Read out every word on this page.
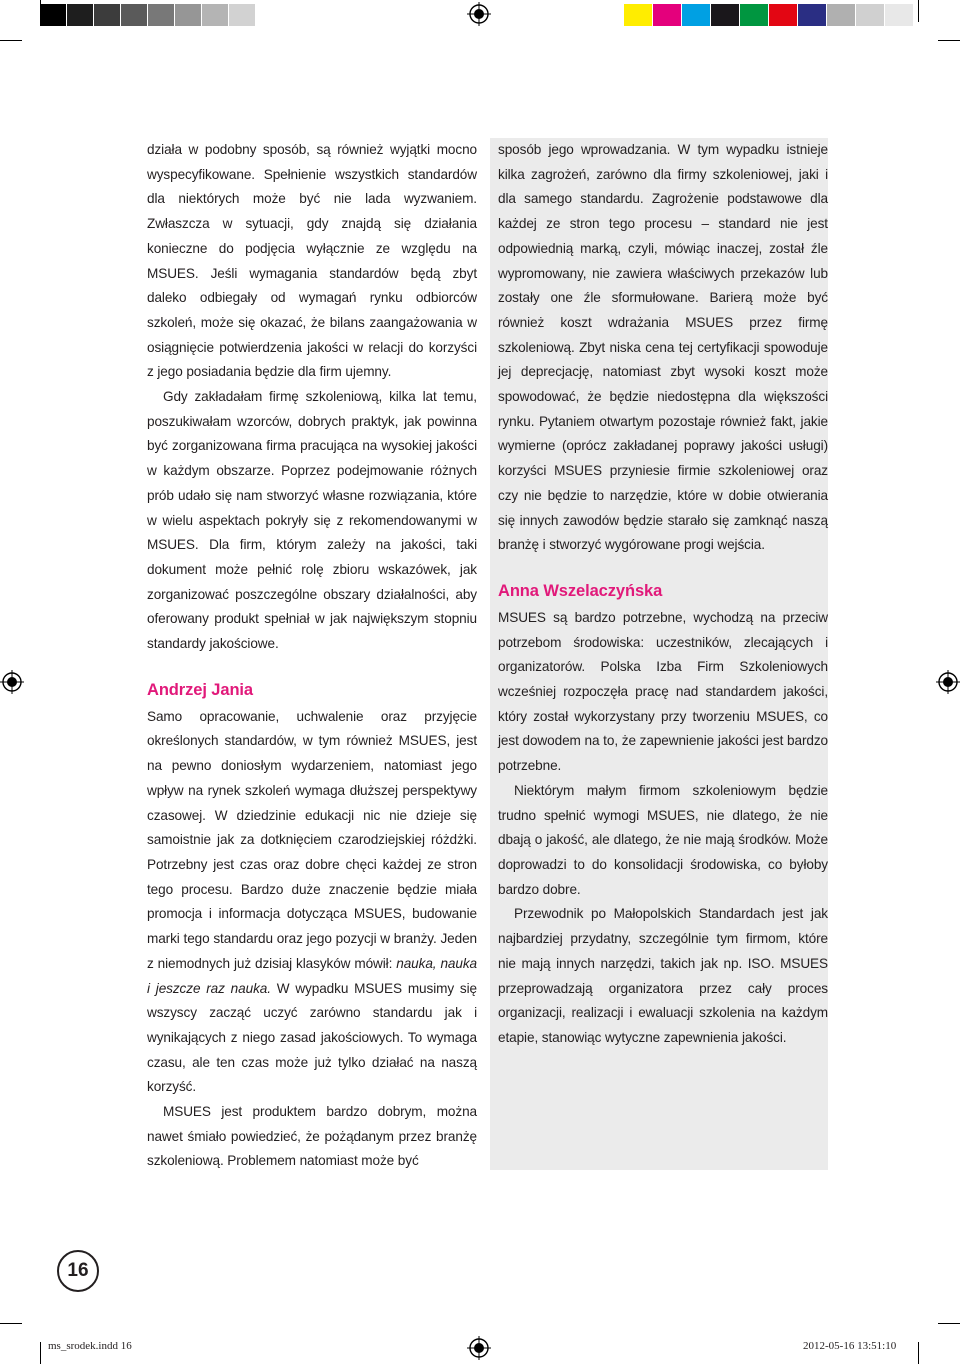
działa w podobny sposób, są również wyjątki mocno wyspecyfikowane. Spełnienie wszystkich standardów dla niektórych może być nie lada wyzwaniem. Zwłaszcza w sytuacji, gdy znajdą się działania konieczne do podjęcia wyłącznie ze względu na MSUES. Jeśli wymagania standardów będą zbyt daleko odbiegały od wymagań rynku odbiorców szkoleń, może się okazać, że bilans zaangażowania w osiągnięcie potwierdzenia jakości w relacji do korzyści z jego posiadania będzie dla firm ujemny.

Gdy zakładałam firmę szkoleniową, kilka lat temu, poszukiwałam wzorców, dobrych praktyk, jak powinna być zorganizowana firma pracująca na wysokiej jakości w każdym obszarze. Poprzez podejmowanie różnych prób udało się nam stworzyć własne rozwiązania, które w wielu aspektach pokryły się z rekomendowanymi w MSUES. Dla firm, którym zależy na jakości, taki dokument może pełnić rolę zbioru wskazówek, jak zorganizować poszczególne obszary działalności, aby oferowany produkt spełniał w jak największym stopniu standardy jakościowe.

Andrzej Jania

Samo opracowanie, uchwalenie oraz przyjęcie określonych standardów, w tym również MSUES, jest na pewno doniosłym wydarzeniem, natomiast jego wpływ na rynek szkoleń wymaga dłuższej perspektywy czasowej. W dziedzinie edukacji nic nie dzieje się samoistnie jak za dotknięciem czarodziejskiej różdżki. Potrzebny jest czas oraz dobre chęci każdej ze stron tego procesu. Bardzo duże znaczenie będzie miała promocja i informacja dotycząca MSUES, budowanie marki tego standardu oraz jego pozycji w branży. Jeden z niemodnych już dzisiaj klasyków mówił: nauka, nauka i jeszcze raz nauka. W wypadku MSUES musimy się wszyscy zacząć uczyć zarówno standardu jak i wynikających z niego zasad jakościowych. To wymaga czasu, ale ten czas może już tylko działać na naszą korzyść.

MSUES jest produktem bardzo dobrym, można nawet śmiało powiedzieć, że pożądanym przez branżę szkoleniową. Problemem natomiast może być

sposób jego wprowadzania. W tym wypadku istnieje kilka zagrożeń, zarówno dla firmy szkoleniowej, jaki i dla samego standardu. Zagrożenie podstawowe dla każdej ze stron tego procesu – standard nie jest odpowiednią marką, czyli, mówiąc inaczej, został źle wypromowany, nie zawiera właściwych przekazów lub zostały one źle sformułowane. Barierą może być również koszt wdrażania MSUES przez firmę szkoleniową. Zbyt niska cena tej certyfikacji spowoduje jej deprecjację, natomiast zbyt wysoki koszt może spowodować, że będzie niedostępna dla większości rynku. Pytaniem otwartym pozostaje również fakt, jakie wymierne (oprócz zakładanej poprawy jakości usługi) korzyści MSUES przyniesie firmie szkoleniowej oraz czy nie będzie to narzędzie, które w dobie otwierania się innych zawodów będzie starało się zamknąć naszą branżę i stworzyć wygórowane progi wejścia.

Anna Wszelaczyńska

MSUES są bardzo potrzebne, wychodzą na przeciw potrzebom środowiska: uczestników, zlecających i organizatorów. Polska Izba Firm Szkoleniowych wcześniej rozpoczęła pracę nad standardem jakości, który został wykorzystany przy tworzeniu MSUES, co jest dowodem na to, że zapewnienie jakości jest bardzo potrzebne.

Niektórym małym firmom szkoleniowym będzie trudno spełnić wymogi MSUES, nie dlatego, że nie dbają o jakość, ale dlatego, że nie mają środków. Może doprowadzi to do konsolidacji środowiska, co byłoby bardzo dobre.

Przewodnik po Małopolskich Standardach jest jak najbardziej przydatny, szczególnie tym firmom, które nie mają innych narzędzi, takich jak np. ISO. MSUES przeprowadzają organizatora przez cały proces organizacji, realizacji i ewaluacji szkolenia na każdym etapie, stanowiąc wytyczne zapewnienia jakości.

16
ms_srodek.indd 16	2012-05-16 13:51:10
